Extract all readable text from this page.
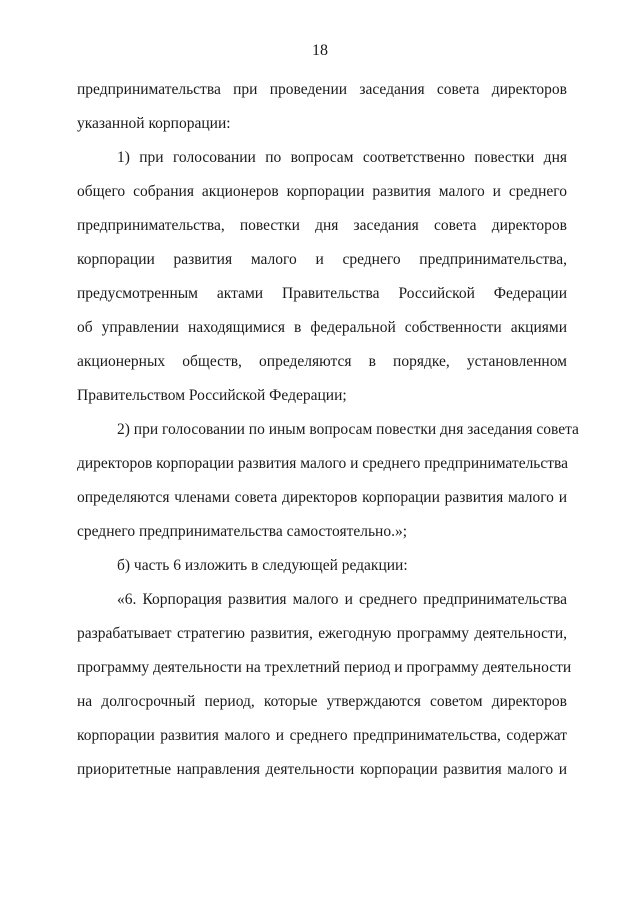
18
предпринимательства при проведении заседания совета директоров
указанной корпорации:
1) при голосовании по вопросам соответственно повестки дня
общего собрания акционеров корпорации развития малого и среднего
предпринимательства, повестки дня заседания совета директоров
корпорации развития малого и среднего предпринимательства,
предусмотренным актами Правительства Российской Федерации
об управлении находящимися в федеральной собственности акциями
акционерных обществ, определяются в порядке, установленном
Правительством Российской Федерации;
2) при голосовании по иным вопросам повестки дня заседания совета
директоров корпорации развития малого и среднего предпринимательства
определяются членами совета директоров корпорации развития малого и
среднего предпринимательства самостоятельно.»;
б) часть 6 изложить в следующей редакции:
«6. Корпорация развития малого и среднего предпринимательства
разрабатывает стратегию развития, ежегодную программу деятельности,
программу деятельности на трехлетний период и программу деятельности
на долгосрочный период, которые утверждаются советом директоров
корпорации развития малого и среднего предпринимательства, содержат
приоритетные направления деятельности корпорации развития малого и
